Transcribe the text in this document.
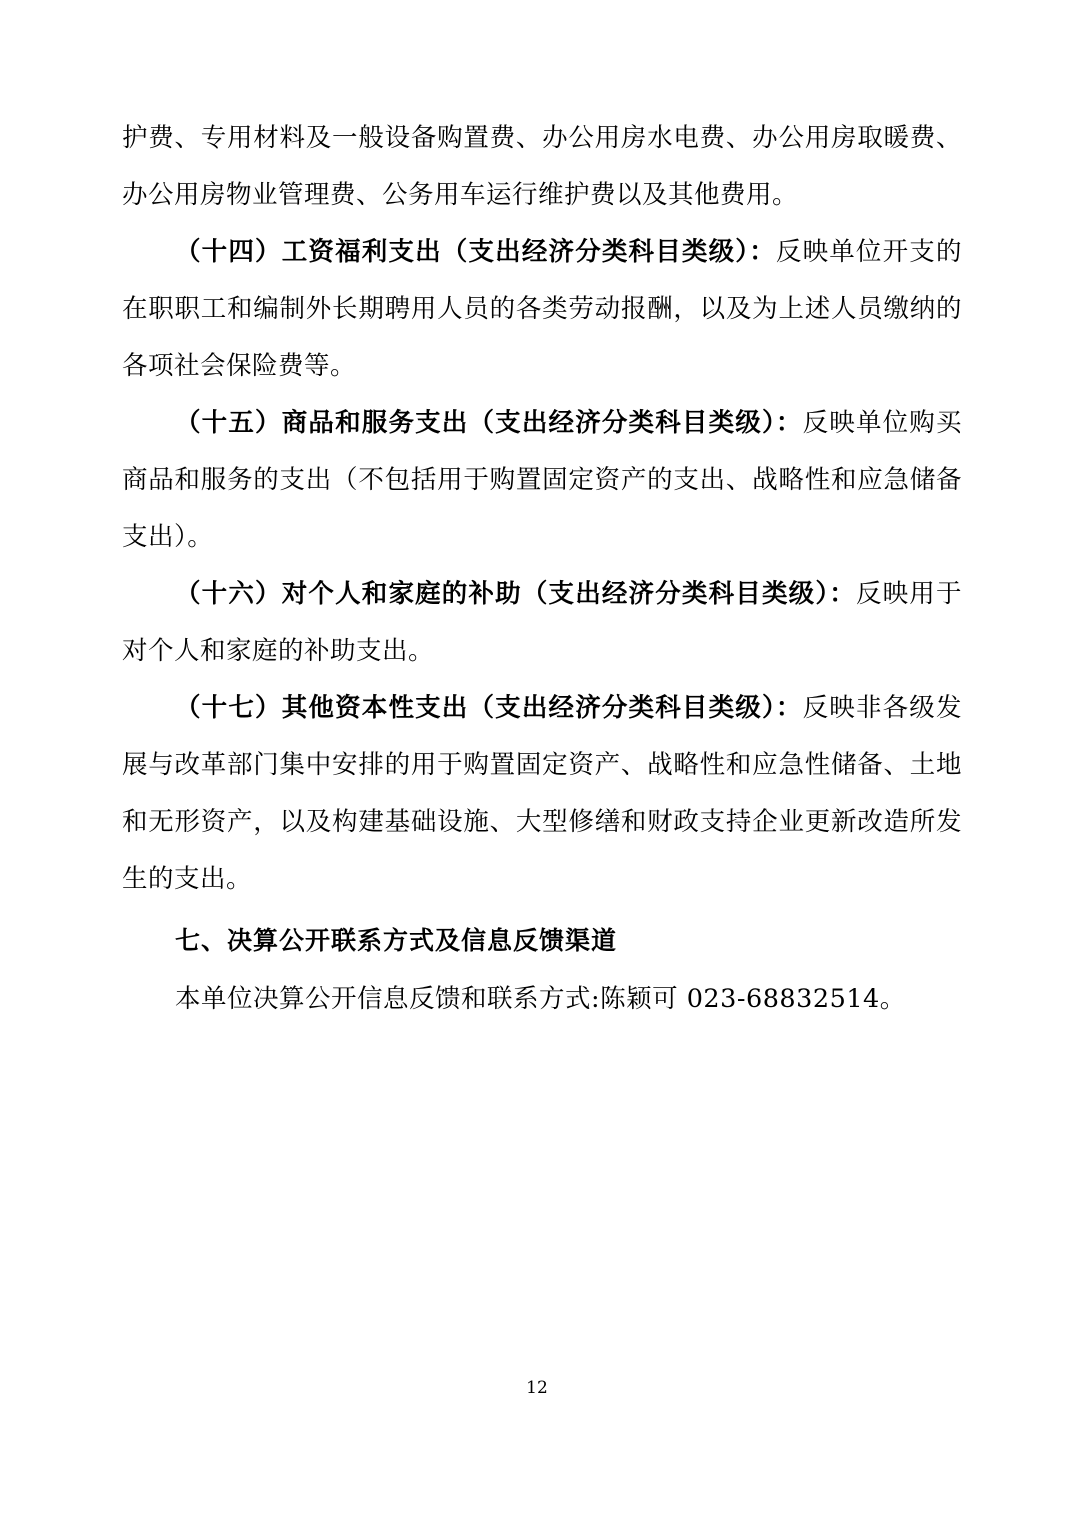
护费、专用材料及一般设备购置费、办公用房水电费、办公用房取暖费、办公用房物业管理费、公务用车运行维护费以及其他费用。

（十四）工资福利支出（支出经济分类科目类级）：反映单位开支的在职职工和编制外长期聘用人员的各类劳动报酬，以及为上述人员缴纳的各项社会保险费等。

（十五）商品和服务支出（支出经济分类科目类级）：反映单位购买商品和服务的支出（不包括用于购置固定资产的支出、战略性和应急储备支出）。

（十六）对个人和家庭的补助（支出经济分类科目类级）：反映用于对个人和家庭的补助支出。

（十七）其他资本性支出（支出经济分类科目类级）：反映非各级发展与改革部门集中安排的用于购置固定资产、战略性和应急性储备、土地和无形资产，以及构建基础设施、大型修缮和财政支持企业更新改造所发生的支出。

七、决算公开联系方式及信息反馈渠道

本单位决算公开信息反馈和联系方式:陈颖可 023-68832514。

12
